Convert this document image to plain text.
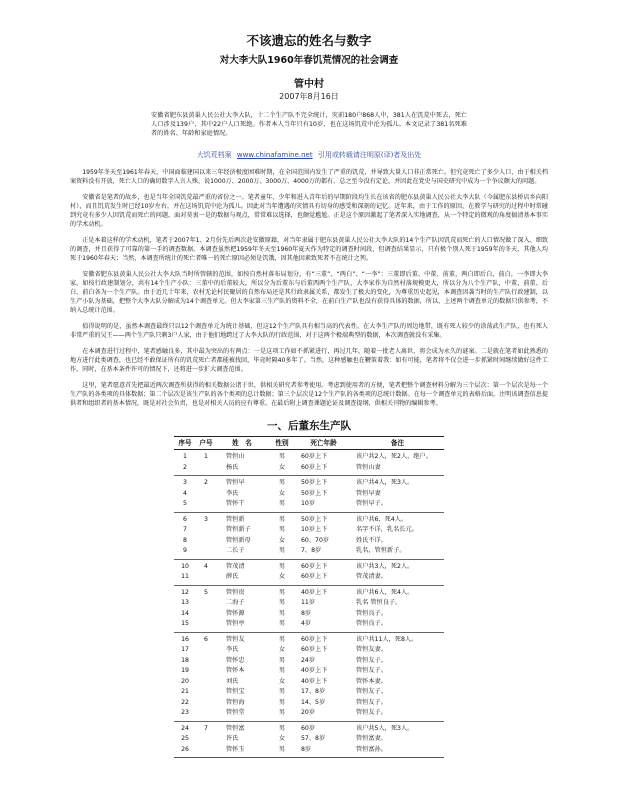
不该遗忘的姓名与数字
对大李大队1960年春饥荒情况的社会调查
管中村
2007年8月16日
安徽省肥东县黄巢人民公社大李大队，十二个生产队不完全统计，灾前180户868人中，381人在饥荒中死去，死亡人口涉及139户，其中22户人口死绝。作者本人当年只有10岁，也在这场饥荒中沦为孤儿。本文记录了381名死难者的姓名、年龄和家庭情况。
大饥荒档案 www.chinafamine.net 引用或转载请注明原(译)者及出处

1959年冬天至1961年春天，中国面临建国以来三年经济极度困难时期，在全国范围内发生了严重的饥荒，并导致大量人口非正常死亡。但究竟死亡了多少人口，由于相关档案资料没有开放，死亡人口的确切数字人言人殊，说1000万、2000万、3000万、4000万的都有，总之至今没有定论，并因此在党史与国史研究中成为一个争议颇大的问题。

安徽省是笔者的故乡，也是当年全国饥荒最严重的省份之一。笔者童年、少年和进入青年后的早期阶段均生长在该省的肥东县黄巢人民公社大李大队（今属肥东县桥店乡向阳村），而且饥荒发生时已经10岁左右，并在这场饥荒中沦为孤儿。因此对当年遭遇的灾情具有切身的感受和深刻的记忆。近年来，由于工作的原因，在教学与研究的过程中时常碰到究竟有多少人因饥荒而死亡的问题，面对莫衷一是的数据与观点，常常难以选择，也颇觉尴尬。正是这个原因激起了笔者深入实地调查，从一个特定的微观的角度搞清基本事实的学术动机。

正是本着这样的学术动机，笔者于2007年1、2月份先后两次赴安徽原籍，对当年隶属于肥东县黄巢人民公社大李大队的14个生产队因饥荒而死亡的人口情况做了深入、细致的调查，并且获得了可靠的第一手的调查数据。本调查虽然把1959年冬天至1960年夏天作为特定的调查时间段，但调查结果显示，只有极个别人死于1959年的冬天，其他人均死于1960年春天；当然，本调查所统计的死亡者唯一的死亡原因必须是饥饿，因其他因素致死者不在统计之列。

安徽省肥东县黄巢人民公社大李大队当时所管辖的范围，如按自然村落布局划分，有“三董”、“两白”、“一李”：三董即后董、中董、前董，两白即后白、前白，一李即大李家。如按行政建制划分，共有14个生产小队：三董中的后董较大，所以分为后董东与后董西两个生产队，大李家作为自然村落规模更大，所以分为八个生产队，中董、前董、后白、前白各为一个生产队。由于近几十年来，农村无论村民聚居的自然布局还是其行政隶属关系，都发生了极大的变化，为尊重历史起见，本调查因袭当时的生产队行政建制，以生产小队为基础，把整个大李大队分解成为14个调查单元。但大李家第三生产队的资料不全，在前白生产队也没有获得具体的数据，所以，上述两个调查单元的数据只供参考，不纳入总统计范围。

值得说明的是，虽然本调查最终只以12个调查单元为统计基础，但这12个生产队具有相当高的代表性。在大李生产队的周边地带，既有死人较少的涂荡武生产队，也有死人非常严重的吴王——两个生产队只剩3户人家，由于他们地跨过了大李大队的行政范围，对于这两个极端典型的数据，本次调查就没有采集。

在本调查进行过程中，笔者感触良多，其中最为突出的有两点：一是这项工作如不抓紧进行，再过几年，随着一批老人离世，将会成为永久的谜案。二是就在笔者如此熟悉的地方进行此类调查，也已经不敢保证所有的饥荒死亡者都能被找回，毕竟时隔40多年了。当然，这种感触也在鞭策着我：如有可能，笔者将不仅会进一步抓紧时间继续做好这件工作，同时，在基本条件许可的情况下，还将进一步扩大调查范围。

这里，笔者愿意首先把最近两次调查所获得的相关数据公诸于世，供相关研究者参考使用。考虑到使用者的方便，笔者把整个调查材料分解为三个层次：第一个层次是每一个生产队的各类项的具体数据；第二个层次是该生产队的各个类项的总计数据；第三个层次是12个生产队的各类项的总统计数据。在每一个调查单元的表格后面，注明该调查信息提供者和组织者的基本情况，既是对社会负责，也是对相关人员的应有尊重。在最后附上调查课题论证及调查提纲，供相关刊物的编辑参考。

一、后董东生产队
序号	户号	姓　名	性别	死亡年龄	备注
1	1	管恒山	男	60岁上下	该户共2人，死2人，绝户。
2		杨氏	女	60岁上下	管恒山妻
3	2	管恒早	男	50岁上下	该户共4人，死3人。
4		李氏	女	50岁上下	管恒早妻
5		管怀干	男	10岁	管恒早子。
6	3	管恒新	男	50岁上下	该户共6，死4人。
7		管恒新子	男	10岁上下	名字不详，乳名长元。
8		管恒新母	女	60、70岁	姓氏不详。
9		二长子	男	7、8岁	乳名，管恒新子。
10	4	管茂清	男	60岁上下	该户共3人，死2人。
11		薛氏	女	60岁上下	管茂清妻。
12	5	管恒贵	男	40岁上下	该户共6人，死4人。
13		二海子	男	11岁	乳名 管恒良子。
14		管怀源	男	8岁	管恒良子。
15		管恒亭	男	4岁	管恒良子。
16	6	管恒友	男	60岁上下	该户共11人，死8人。
17		李氏	女	60岁上下	管恒友妻。
18		管怀忠	男	24岁	管恒友子。
19		管怀本	男	40岁上下	管恒友子。
20		刘氏	女	40岁上下	管怀本妻。
21		管恒宝	男	17、8岁	管恒友子。
22		管恒海	男	14、5岁	管恒友子。
23		管恒堂	男	20岁	管恒友子。
24	7	管恒富	男	60岁	该户共5人，死3人。
25		许氏	女	57、8岁	管恒富妻。
26		管怀玉	男	8岁	管恒富孙。
